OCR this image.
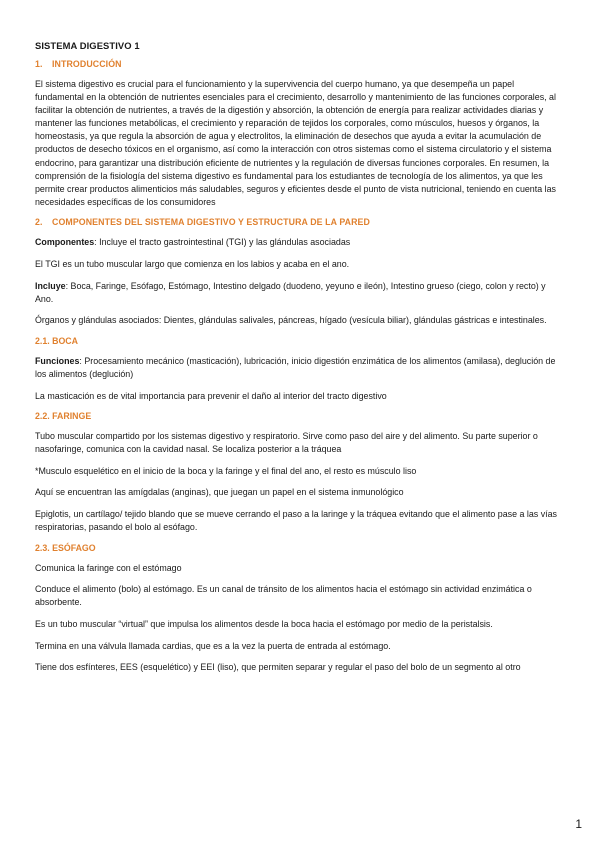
SISTEMA DIGESTIVO 1
1. INTRODUCCIÓN

El sistema digestivo es crucial para el funcionamiento y la supervivencia del cuerpo humano, ya que desempeña un papel fundamental en la obtención de nutrientes esenciales para el crecimiento, desarrollo y mantenimiento de las funciones corporales, al facilitar la obtención de nutrientes, a través de la digestión y absorción, la obtención de energía para realizar actividades diarias y mantener las funciones metabólicas, el crecimiento y reparación de tejidos los corporales, como músculos, huesos y órganos, la homeostasis, ya que regula la absorción de agua y electrolitos, la eliminación de desechos que ayuda a evitar la acumulación de productos de desecho tóxicos en el organismo, así como la interacción con otros sistemas como el sistema circulatorio y el sistema endocrino, para garantizar una distribución eficiente de nutrientes y la regulación de diversas funciones corporales. En resumen, la comprensión de la fisiología del sistema digestivo es fundamental para los estudiantes de tecnología de los alimentos, ya que les permite crear productos alimenticios más saludables, seguros y eficientes desde el punto de vista nutricional, teniendo en cuenta las necesidades específicas de los consumidores

2. COMPONENTES DEL SISTEMA DIGESTIVO Y ESTRUCTURA DE LA PARED

Componentes: Incluye el tracto gastrointestinal (TGI) y las glándulas asociadas

El TGI es un tubo muscular largo que comienza en los labios y acaba en el ano.

Incluye: Boca, Faringe, Esófago, Estómago, Intestino delgado (duodeno, yeyuno e ileón), Intestino grueso (ciego, colon y recto) y Ano.

Órganos y glándulas asociados: Dientes, glándulas salivales, páncreas, hígado (vesícula biliar), glándulas gástricas e intestinales.

2.1. BOCA

Funciones: Procesamiento mecánico (masticación), lubricación, inicio digestión enzimática de los alimentos (amilasa), deglución de los alimentos (deglución)

La masticación es de vital importancia para prevenir el daño al interior del tracto digestivo

2.2. FARINGE

Tubo muscular compartido por los sistemas digestivo y respiratorio. Sirve como paso del aire y del alimento. Su parte superior o nasofaringe, comunica con la cavidad nasal. Se localiza posterior a la tráquea

*Musculo esquelético en el inicio de la boca y la faringe y el final del ano, el resto es músculo liso

Aquí se encuentran las amígdalas (anginas), que juegan un papel en el sistema inmunológico

Epiglotis, un cartílago/ tejido blando que se mueve cerrando el paso a la laringe y la tráquea evitando que el alimento pase a las vías respiratorias, pasando el bolo al esófago.

2.3. ESÓFAGO

Comunica la faringe con el estómago

Conduce el alimento (bolo) al estómago. Es un canal de tránsito de los alimentos hacia el estómago sin actividad enzimática o absorbente.

Es un tubo muscular “virtual” que impulsa los alimentos desde la boca hacia el estómago por medio de la peristalsis.

Termina en una válvula llamada cardias, que es a la vez la puerta de entrada al estómago.

Tiene dos esfínteres, EES (esquelético) y EEI (liso), que permiten separar y regular el paso del bolo de un segmento al otro

1
